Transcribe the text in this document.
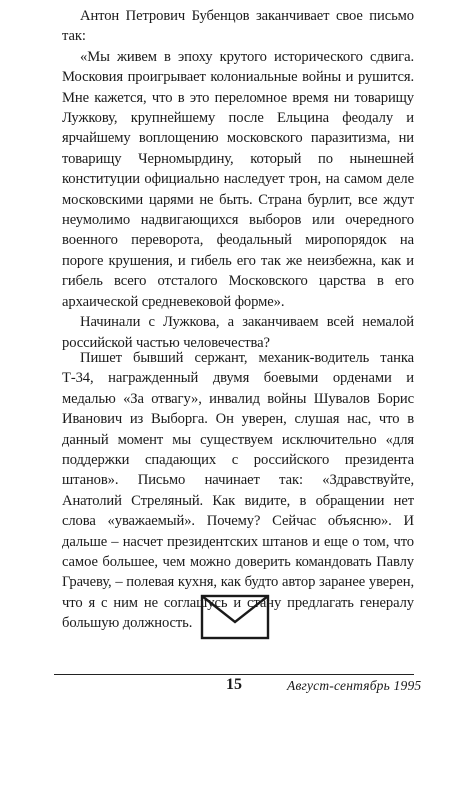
Антон Петрович Бубенцов заканчивает свое письмо так:

«Мы живем в эпоху крутого исторического сдвига. Московия проигрывает колониальные войны и рушится. Мне кажется, что в это переломное время ни товарищу Лужкову, крупнейшему после Ельцина феодалу и ярчайшему воплощению московского паразитизма, ни товарищу Черномырдину, который по нынешней конституции официально наследует трон, на самом деле московскими царями не быть. Страна бурлит, все ждут неумолимо надвигающихся выборов или очередного военного переворота, феодальный миропорядок на пороге крушения, и гибель его так же неизбежна, как и гибель всего отсталого Московского царства в его архаической средневековой форме».

Начинали с Лужкова, а заканчиваем всей немалой российской частью человечества?

Пишет бывший сержант, механик-водитель танка Т-34, награжденный двумя боевыми орденами и медалью «За отвагу», инвалид войны Шувалов Борис Иванович из Выборга. Он уверен, слушая нас, что в данный момент мы существуем исключительно «для поддержки спадающих с российского президента штанов». Письмо начинает так: «Здравствуйте, Анатолий Стреляный. Как видите, в обращении нет слова «уважаемый». Почему? Сейчас объясню». И дальше – насчет президентских штанов и еще о том, что самое большее, чем можно доверить командовать Павлу Грачеву, – полевая кухня, как будто автор заранее уверен, что я с ним не соглашусь и стану предлагать генералу большую должность.

15	Август-сентябрь 1995
